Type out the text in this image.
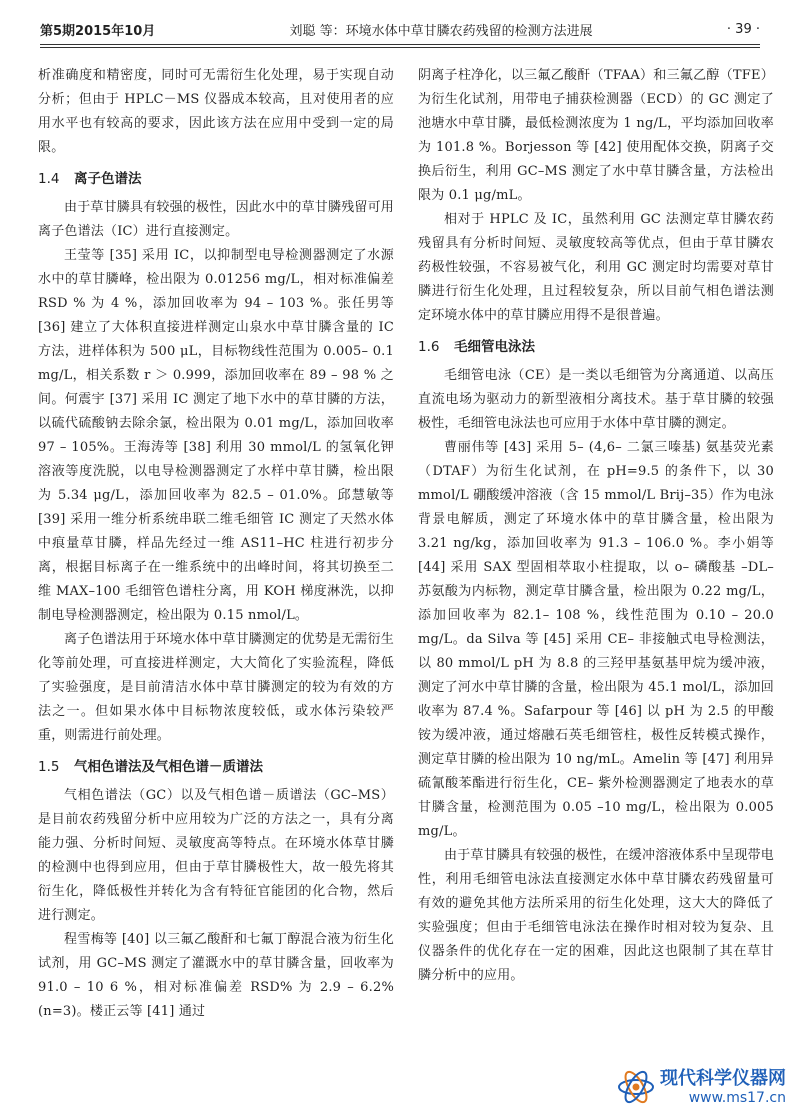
第5期2015年10月	刘聪 等：环境水体中草甘膦农药残留的检测方法进展	· 39 ·

析准确度和精密度，同时可无需衍生化处理，易于实现自动分析；但由于 HPLC－MS 仪器成本较高，且对使用者的应用水平也有较高的要求，因此该方法在应用中受到一定的局限。

1.4 离子色谱法

由于草甘膦具有较强的极性，因此水中的草甘膦残留可用离子色谱法（IC）进行直接测定。

王莹等 [35] 采用 IC，以抑制型电导检测器测定了水源水中的草甘膦峰，检出限为 0.01256 mg/L，相对标准偏差 RSD % 为 4 %，添加回收率为 94 – 103 %。张任男等 [36] 建立了大体积直接进样测定山泉水中草甘膦含量的 IC 方法，进样体积为 500 μL，目标物线性范围为 0.005– 0.1 mg/L，相关系数 r ＞ 0.999，添加回收率在 89 – 98 % 之间。何震宇 [37] 采用 IC 测定了地下水中的草甘膦的方法，以硫代硫酸钠去除余氯，检出限为 0.01 mg/L，添加回收率 97 – 105%。王海涛等 [38] 利用 30 mmol/L 的氢氧化钾溶液等度洗脱，以电导检测器测定了水样中草甘膦，检出限为 5.34 μg/L，添加回收率为 82.5 – 01.0%。邱慧敏等 [39] 采用一维分析系统串联二维毛细管 IC 测定了天然水体中痕量草甘膦，样品先经过一维 AS11–HC 柱进行初步分离，根据目标离子在一维系统中的出峰时间，将其切换至二维 MAX–100 毛细管色谱柱分离，用 KOH 梯度淋洗，以抑制电导检测器测定，检出限为 0.15 nmol/L。

离子色谱法用于环境水体中草甘膦测定的优势是无需衍生化等前处理，可直接进样测定，大大简化了实验流程，降低了实验强度，是目前清洁水体中草甘膦测定的较为有效的方法之一。但如果水体中目标物浓度较低，或水体污染较严重，则需进行前处理。

1.5 气相色谱法及气相色谱－质谱法

气相色谱法（GC）以及气相色谱－质谱法（GC–MS）是目前农药残留分析中应用较为广泛的方法之一，具有分离能力强、分析时间短、灵敏度高等特点。在环境水体草甘膦的检测中也得到应用，但由于草甘膦极性大，故一般先将其衍生化，降低极性并转化为含有特征官能团的化合物，然后进行测定。

程雪梅等 [40] 以三氟乙酸酐和七氟丁醇混合液为衍生化试剂，用 GC–MS 测定了灌溉水中的草甘膦含量，回收率为 91.0 – 10 6 %，相对标准偏差 RSD% 为 2.9 – 6.2%(n=3)。楼正云等 [41] 通过

阴离子柱净化，以三氟乙酸酐（TFAA）和三氟乙醇（TFE）为衍生化试剂，用带电子捕获检测器（ECD）的 GC 测定了池塘水中草甘膦，最低检测浓度为 1 ng/L，平均添加回收率为 101.8 %。Borjesson 等 [42] 使用配体交换，阴离子交换后衍生，利用 GC–MS 测定了水中草甘膦含量，方法检出限为 0.1 μg/mL。

相对于 HPLC 及 IC，虽然利用 GC 法测定草甘膦农药残留具有分析时间短、灵敏度较高等优点，但由于草甘膦农药极性较强，不容易被气化，利用 GC 测定时均需要对草甘膦进行衍生化处理，且过程较复杂，所以目前气相色谱法测定环境水体中的草甘膦应用得不是很普遍。

1.6 毛细管电泳法

毛细管电泳（CE）是一类以毛细管为分离通道、以高压直流电场为驱动力的新型液相分离技术。基于草甘膦的较强极性，毛细管电泳法也可应用于水体中草甘膦的测定。

曹丽伟等 [43] 采用 5– (4,6– 二氯三嗪基) 氨基荧光素（DTAF）为衍生化试剂，在 pH=9.5 的条件下，以 30 mmol/L 硼酸缓冲溶液（含 15 mmol/L Brij–35）作为电泳背景电解质，测定了环境水体中的草甘膦含量，检出限为 3.21 ng/kg，添加回收率为 91.3 – 106.0 %。李小娟等 [44] 采用 SAX 型固相萃取小柱提取，以 o– 磷酸基 –DL– 苏氨酸为内标物，测定草甘膦含量，检出限为 0.22 mg/L，添加回收率为 82.1– 108 %，线性范围为 0.10 – 20.0 mg/L。da Silva 等 [45] 采用 CE– 非接触式电导检测法，以 80 mmol/L pH 为 8.8 的三羟甲基氨基甲烷为缓冲液，测定了河水中草甘膦的含量，检出限为 45.1 mol/L，添加回收率为 87.4 %。Safarpour 等 [46] 以 pH 为 2.5 的甲酸铵为缓冲液，通过熔融石英毛细管柱，极性反转模式操作，测定草甘膦的检出限为 10 ng/mL。Amelin 等 [47] 利用异硫氰酸苯酯进行衍生化，CE– 紫外检测器测定了地表水的草甘膦含量，检测范围为 0.05 –10 mg/L，检出限为 0.005 mg/L。

由于草甘膦具有较强的极性，在缓冲溶液体系中呈现带电性，利用毛细管电泳法直接测定水体中草甘膦农药残留量可有效的避免其他方法所采用的衍生化处理，这大大的降低了实验强度；但由于毛细管电泳法在操作时相对较为复杂、且仪器条件的优化存在一定的困难，因此这也限制了其在草甘膦分析中的应用。

现代科学仪器网
www.ms17.cn
